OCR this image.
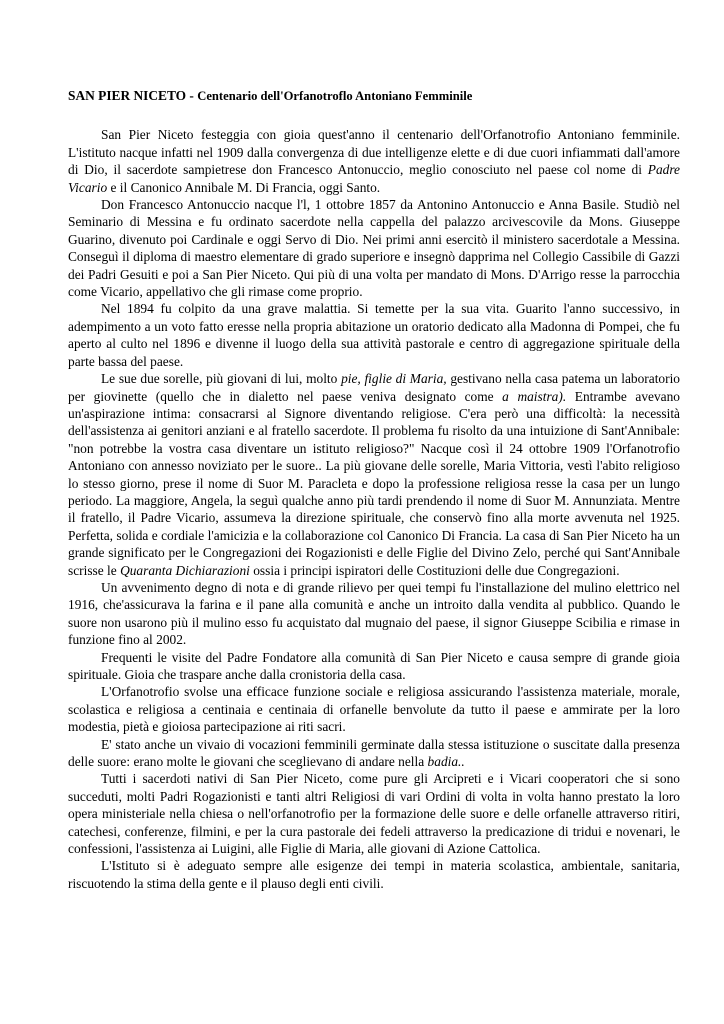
SAN PIER NICETO - Centenario dell'Orfanotroflo Antoniano Femminile

San Pier Niceto festeggia con gioia quest'anno il centenario dell'Orfanotrofio Antoniano femminile. L'istituto nacque infatti nel 1909 dalla convergenza di due intelligenze elette e di due cuori infiammati dall'amore di Dio, il sacerdote sampietrese don Francesco Antonuccio, meglio conosciuto nel paese col nome di Padre Vicario e il Canonico Annibale M. Di Francia, oggi Santo.

Don Francesco Antonuccio nacque l'l, 1 ottobre 1857 da Antonino Antonuccio e Anna Basile. Studiò nel Seminario di Messina e fu ordinato sacerdote nella cappella del palazzo arcivescovile da Mons. Giuseppe Guarino, divenuto poi Cardinale e oggi Servo di Dio. Nei primi anni esercitò il ministero sacerdotale a Messina. Conseguì il diploma di maestro elementare di grado superiore e insegnò dapprima nel Collegio Cassibile di Gazzi dei Padri Gesuiti e poi a San Pier Niceto. Qui più di una volta per mandato di Mons. D'Arrigo resse la parrocchia come Vicario, appellativo che gli rimase come proprio.

Nel 1894 fu colpito da una grave malattia. Si temette per la sua vita. Guarito l'anno successivo, in adempimento a un voto fatto eresse nella propria abitazione un oratorio dedicato alla Madonna di Pompei, che fu aperto al culto nel 1896 e divenne il luogo della sua attività pastorale e centro di aggregazione spirituale della parte bassa del paese.

Le sue due sorelle, più giovani di lui, molto pie, figlie di Maria, gestivano nella casa patema un laboratorio per giovinette (quello che in dialetto nel paese veniva designato come a maistra). Entrambe avevano un'aspirazione intima: consacrarsi al Signore diventando religiose. C'era però una difficoltà: la necessità dell'assistenza ai genitori anziani e al fratello sacerdote. Il problema fu risolto da una intuizione di Sant'Annibale: "non potrebbe la vostra casa diventare un istituto religioso?" Nacque così il 24 ottobre 1909 l'Orfanotrofio Antoniano con annesso noviziato per le suore.. La più giovane delle sorelle, Maria Vittoria, vestì l'abito religioso lo stesso giorno, prese il nome di Suor M. Paracleta e dopo la professione religiosa resse la casa per un lungo periodo. La maggiore, Angela, la seguì qualche anno più tardi prendendo il nome di Suor M. Annunziata. Mentre il fratello, il Padre Vicario, assumeva la direzione spirituale, che conservò fino alla morte avvenuta nel 1925. Perfetta, solida e cordiale l'amicizia e la collaborazione col Canonico Di Francia. La casa di San Pier Niceto ha un grande significato per le Congregazioni dei Rogazionisti e delle Figlie del Divino Zelo, perché qui Sant'Annibale scrisse le Quaranta Dichiarazioni ossia i principi ispiratori delle Costituzioni delle due Congregazioni.

Un avvenimento degno di nota e di grande rilievo per quei tempi fu l'installazione del mulino elettrico nel 1916, che'assicurava la farina e il pane alla comunità e anche un introito dalla vendita al pubblico. Quando le suore non usarono più il mulino esso fu acquistato dal mugnaio del paese, il signor Giuseppe Scibilia e rimase in funzione fino al 2002.

Frequenti le visite del Padre Fondatore alla comunità di San Pier Niceto e causa sempre di grande gioia spirituale. Gioia che traspare anche dalla cronistoria della casa.

L'Orfanotrofio svolse una efficace funzione sociale e religiosa assicurando l'assistenza materiale, morale, scolastica e religiosa a centinaia e centinaia di orfanelle benvolute da tutto il paese e ammirate per la loro modestia, pietà e gioiosa partecipazione ai riti sacri.

E' stato anche un vivaio di vocazioni femminili germinate dalla stessa istituzione o suscitate dalla presenza delle suore: erano molte le giovani che sceglievano di andare nella badia..

Tutti i sacerdoti nativi di San Pier Niceto, come pure gli Arcipreti e i Vicari cooperatori che si sono succeduti, molti Padri Rogazionisti e tanti altri Religiosi di vari Ordini di volta in volta hanno prestato la loro opera ministeriale nella chiesa o nell'orfanotrofio per la formazione delle suore e delle orfanelle attraverso ritiri, catechesi, conferenze, filmini, e per la cura pastorale dei fedeli attraverso la predicazione di tridui e novenari, le confessioni, l'assistenza ai Luigini, alle Figlie di Maria, alle giovani di Azione Cattolica.

L'Istituto si è adeguato sempre alle esigenze dei tempi in materia scolastica, ambientale, sanitaria, riscuotendo la stima della gente e il plauso degli enti civili.
